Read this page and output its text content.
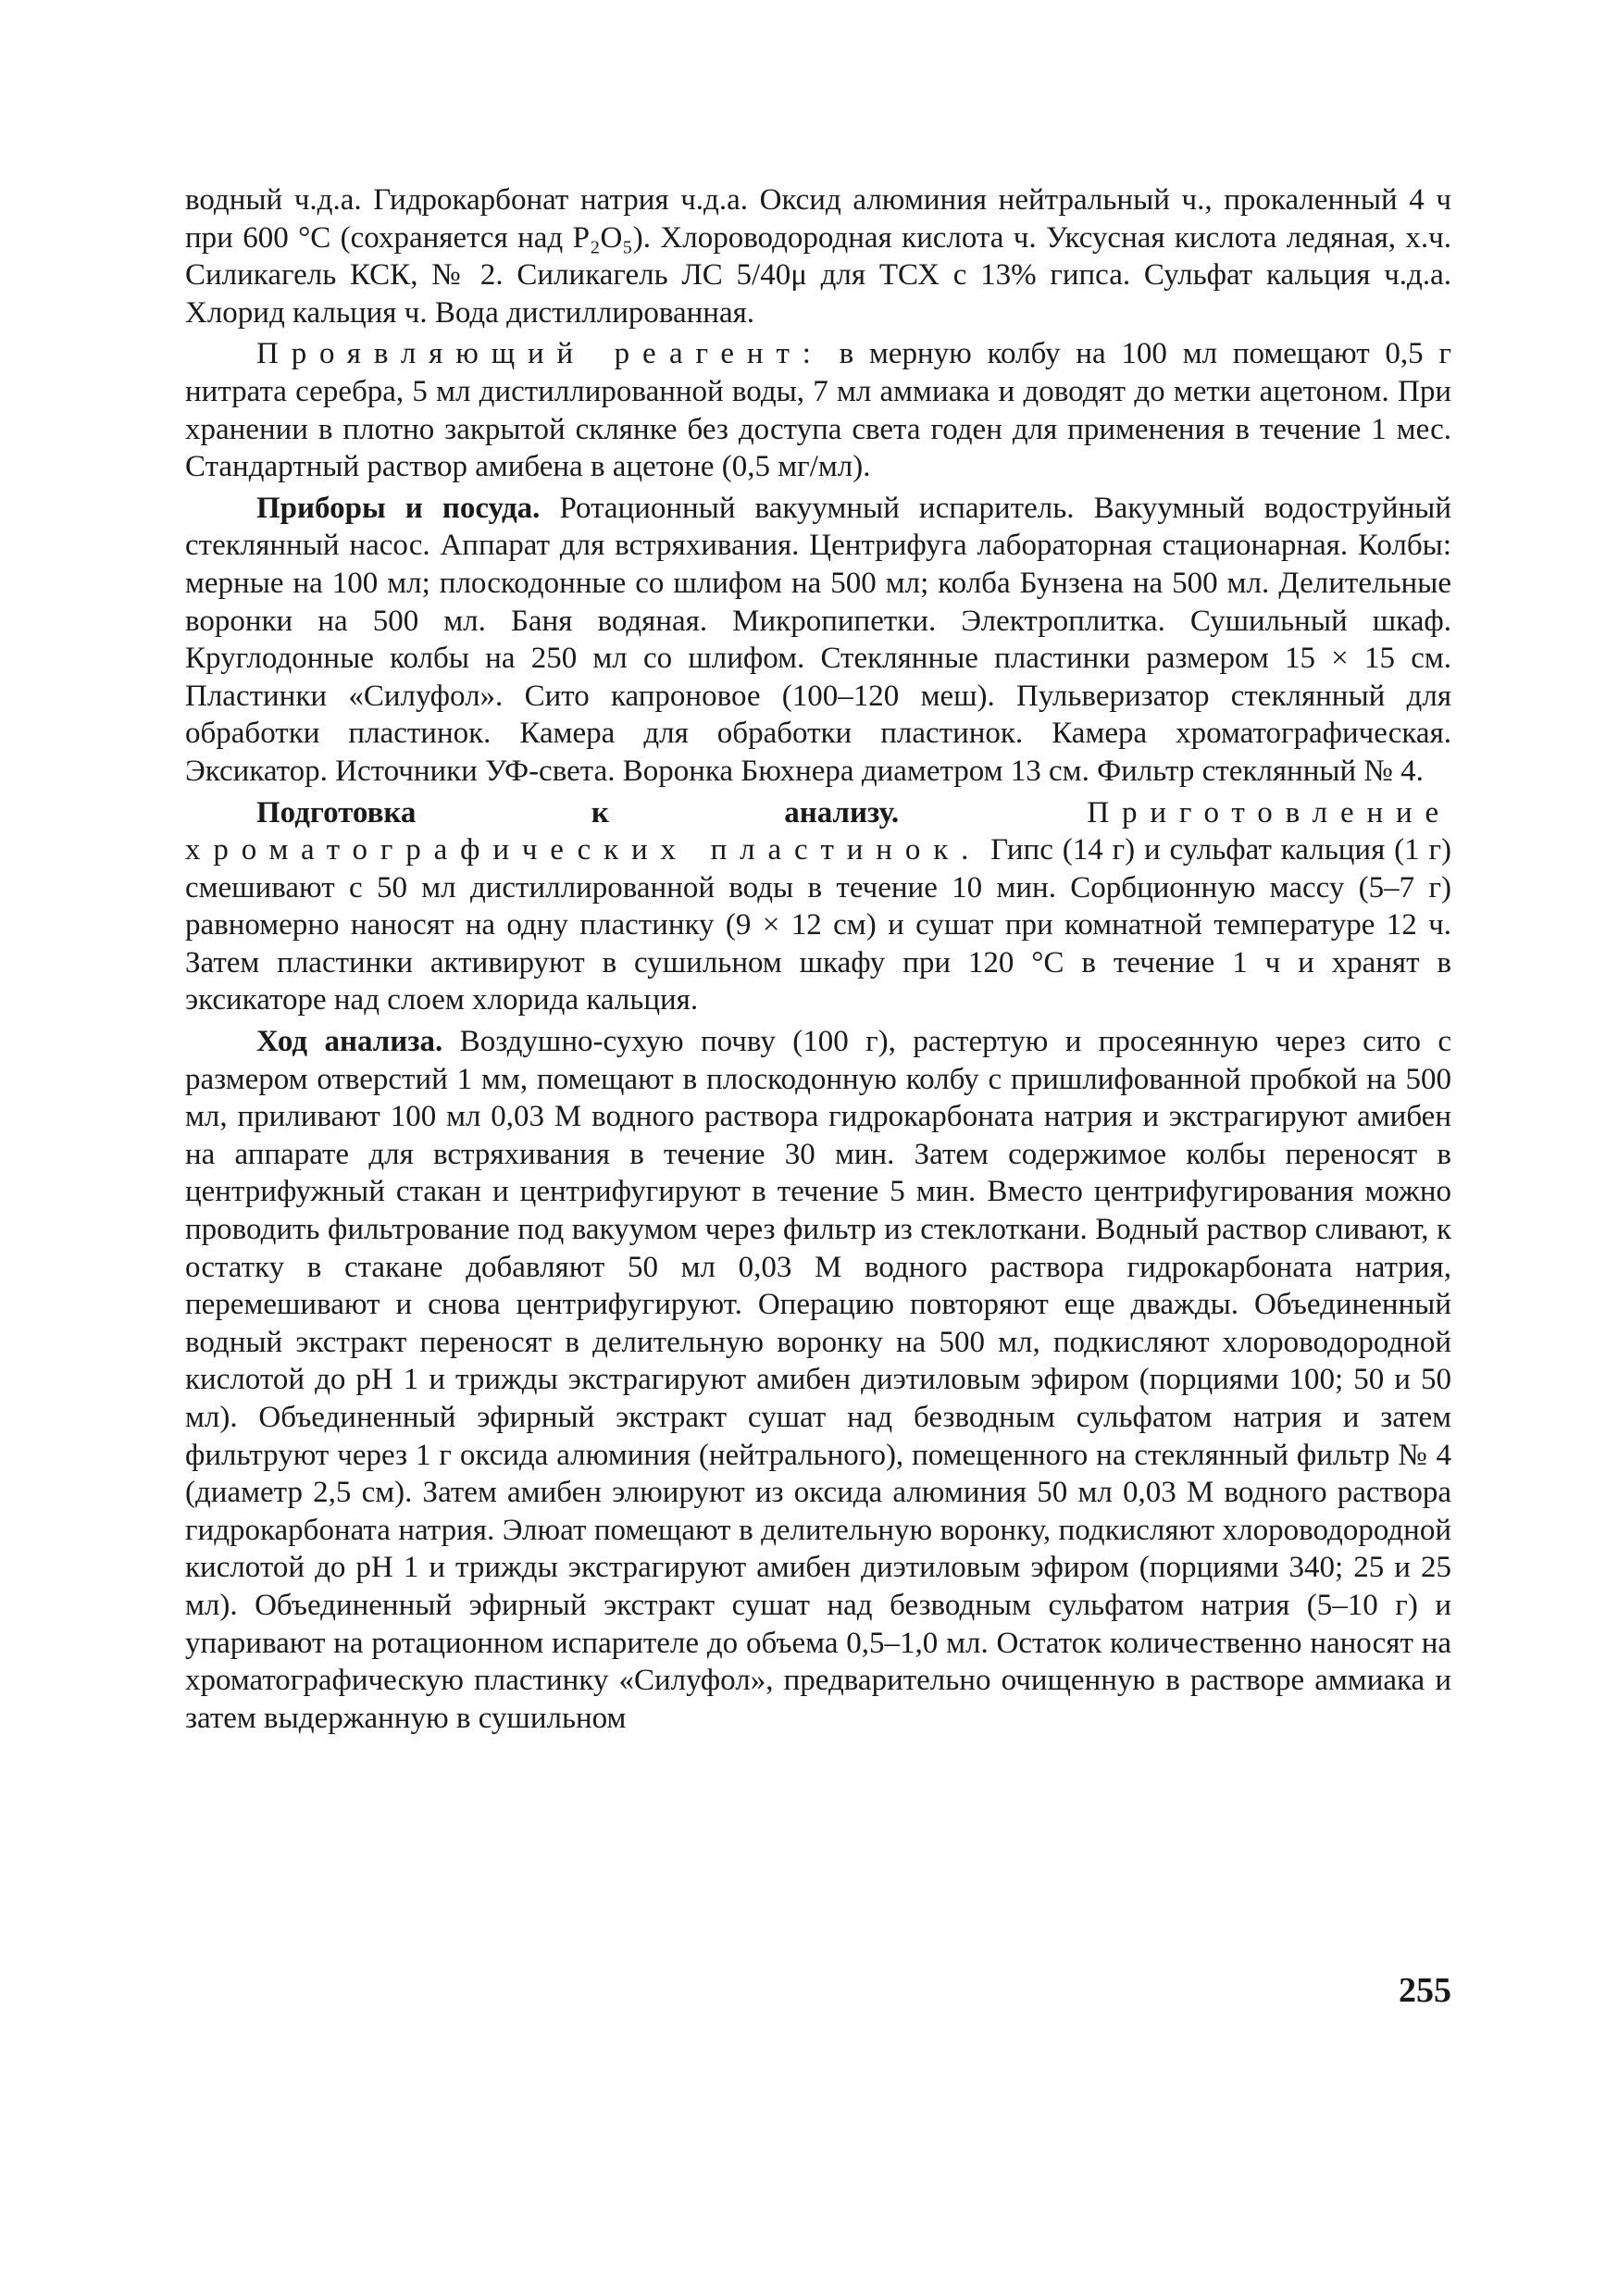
водный ч.д.а. Гидрокарбонат натрия ч.д.а. Оксид алюминия нейтральный ч., прокаленный 4 ч при 600 °С (сохраняется над P₂O₅). Хлороводородная кислота ч. Уксусная кислота ледяная, х.ч. Силикагель КСК, № 2. Силикагель ЛС 5/40μ для ТСХ с 13% гипса. Сульфат кальция ч.д.а. Хлорид кальция ч. Вода дистиллированная.

Проявляющий реагент: в мерную колбу на 100 мл помещают 0,5 г нитрата серебра, 5 мл дистиллированной воды, 7 мл аммиака и доводят до метки ацетоном. При хранении в плотно закрытой склянке без доступа света годен для применения в течение 1 мес. Стандартный раствор амибена в ацетоне (0,5 мг/мл).

Приборы и посуда. Ротационный вакуумный испаритель. Вакуумный водоструйный стеклянный насос. Аппарат для встряхивания. Центрифуга лабораторная стационарная. Колбы: мерные на 100 мл; плоскодонные со шлифом на 500 мл; колба Бунзена на 500 мл. Делительные воронки на 500 мл. Баня водяная. Микропипетки. Электроплитка. Сушильный шкаф. Круглодонные колбы на 250 мл со шлифом. Стеклянные пластинки размером 15 × 15 см. Пластинки «Силуфол». Сито капроновое (100–120 меш). Пульверизатор стеклянный для обработки пластинок. Камера для обработки пластинок. Камера хроматографическая. Эксикатор. Источники УФ-света. Воронка Бюхнера диаметром 13 см. Фильтр стеклянный № 4.

Подготовка к анализу. Приготовление хроматографических пластинок. Гипс (14 г) и сульфат кальция (1 г) смешивают с 50 мл дистиллированной воды в течение 10 мин. Сорбционную массу (5–7 г) равномерно наносят на одну пластинку (9 × 12 см) и сушат при комнатной температуре 12 ч. Затем пластинки активируют в сушильном шкафу при 120 °С в течение 1 ч и хранят в эксикаторе над слоем хлорида кальция.

Ход анализа. Воздушно-сухую почву (100 г), растертую и просеянную через сито с размером отверстий 1 мм, помещают в плоскодонную колбу с пришлифованной пробкой на 500 мл, приливают 100 мл 0,03 М водного раствора гидрокарбоната натрия и экстрагируют амибен на аппарате для встряхивания в течение 30 мин. Затем содержимое колбы переносят в центрифужный стакан и центрифугируют в течение 5 мин. Вместо центрифугирования можно проводить фильтрование под вакуумом через фильтр из стеклоткани. Водный раствор сливают, к остатку в стакане добавляют 50 мл 0,03 М водного раствора гидрокарбоната натрия, перемешивают и снова центрифугируют. Операцию повторяют еще дважды. Объединенный водный экстракт переносят в делительную воронку на 500 мл, подкисляют хлороводородной кислотой до pH 1 и трижды экстрагируют амибен диэтиловым эфиром (порциями 100; 50 и 50 мл). Объединенный эфирный экстракт сушат над безводным сульфатом натрия и затем фильтруют через 1 г оксида алюминия (нейтрального), помещенного на стеклянный фильтр № 4 (диаметр 2,5 см). Затем амибен элюируют из оксида алюминия 50 мл 0,03 М водного раствора гидрокарбоната натрия. Элюат помещают в делительную воронку, подкисляют хлороводородной кислотой до pH 1 и трижды экстрагируют амибен диэтиловым эфиром (порциями 340; 25 и 25 мл). Объединенный эфирный экстракт сушат над безводным сульфатом натрия (5–10 г) и упаривают на ротационном испарителе до объема 0,5–1,0 мл. Остаток количественно наносят на хроматографическую пластинку «Силуфол», предварительно очищенную в растворе аммиака и затем выдержанную в сушильном

255
